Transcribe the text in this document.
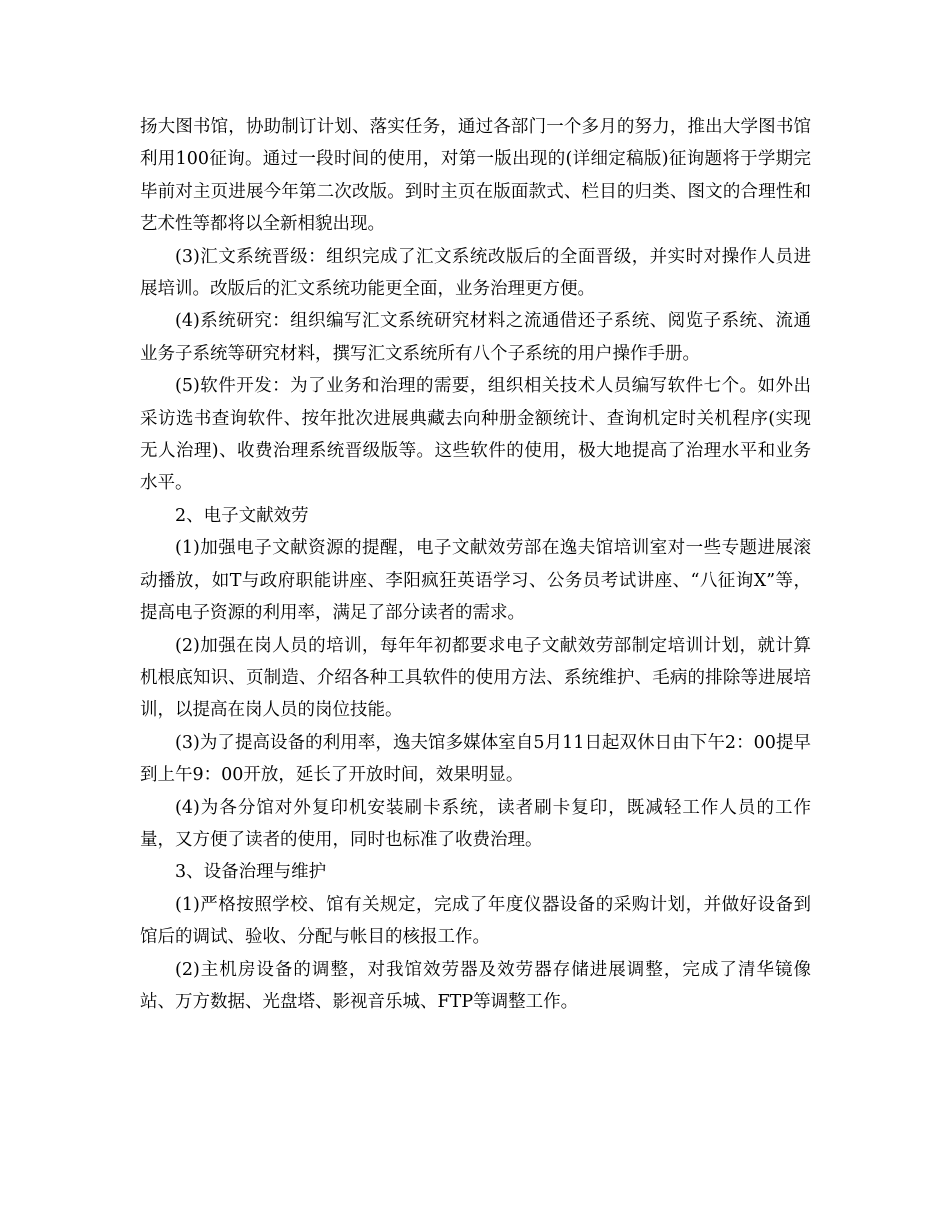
扬大图书馆，协助制订计划、落实任务，通过各部门一个多月的努力，推出大学图书馆利用100征询。通过一段时间的使用，对第一版出现的(详细定稿版)征询题将于学期完毕前对主页进展今年第二次改版。到时主页在版面款式、栏目的归类、图文的合理性和艺术性等都将以全新相貌出现。

(3)汇文系统晋级：组织完成了汇文系统改版后的全面晋级，并实时对操作人员进展培训。改版后的汇文系统功能更全面，业务治理更方便。

(4)系统研究：组织编写汇文系统研究材料之流通借还子系统、阅览子系统、流通业务子系统等研究材料，撰写汇文系统所有八个子系统的用户操作手册。

(5)软件开发：为了业务和治理的需要，组织相关技术人员编写软件七个。如外出采访选书查询软件、按年批次进展典藏去向种册金额统计、查询机定时关机程序(实现无人治理)、收费治理系统晋级版等。这些软件的使用，极大地提高了治理水平和业务水平。

2、电子文献效劳

(1)加强电子文献资源的提醒，电子文献效劳部在逸夫馆培训室对一些专题进展滚动播放，如T与政府职能讲座、李阳疯狂英语学习、公务员考试讲座、“八征询X”等，提高电子资源的利用率，满足了部分读者的需求。

(2)加强在岗人员的培训，每年年初都要求电子文献效劳部制定培训计划，就计算机根底知识、页制造、介绍各种工具软件的使用方法、系统维护、毛病的排除等进展培训，以提高在岗人员的岗位技能。

(3)为了提高设备的利用率，逸夫馆多媒体室自5月11日起双休日由下午2：00提早到上午9：00开放，延长了开放时间，效果明显。

(4)为各分馆对外复印机安装刷卡系统，读者刷卡复印，既减轻工作人员的工作量，又方便了读者的使用，同时也标准了收费治理。

3、设备治理与维护

(1)严格按照学校、馆有关规定，完成了年度仪器设备的采购计划，并做好设备到馆后的调试、验收、分配与帐目的核报工作。

(2)主机房设备的调整，对我馆效劳器及效劳器存储进展调整，完成了清华镜像站、万方数据、光盘塔、影视音乐城、FTP等调整工作。
